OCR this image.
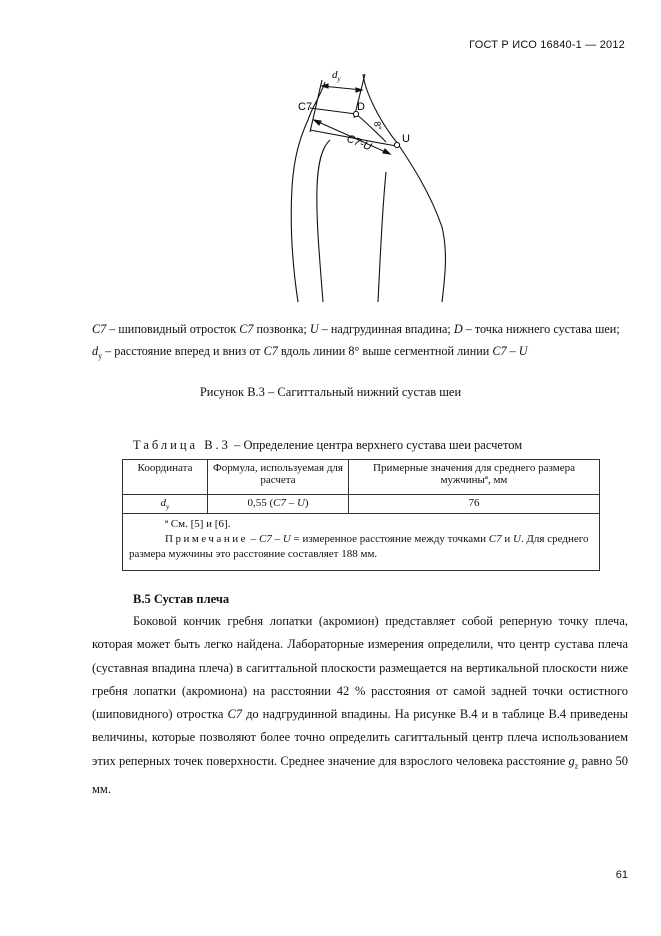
ГОСТ Р ИСО 16840-1 — 2012
$d_y$
C7	D
8°
C7-U	U
C7 – шиповидный отросток C7 позвонка; U – надгрудинная впадина; D – точка нижнего сустава шеи;
$d_y$ – расстояние вперед и вниз от C7 вдоль линии 8° выше сегментной линии C7 – U
Рисунок В.3 – Сагиттальный нижний сустав шеи
Таблица В.3 – Определение центра верхнего сустава шеи расчетом
Координата	Формула, используемая для расчета	Примерные значения для среднего размера мужчиныª, мм
$d_y$	0,55 (C7 – U)	76

ª См. [5] и [6].
Примечание – C7 – U = измеренное расстояние между точками C7 и U. Для среднего размера мужчины это расстояние составляет 188 мм.		
В.5 Сустав плеча
Боковой кончик гребня лопатки (акромион) представляет собой реперную точку плеча, которая может быть легко найдена. Лабораторные измерения определили, что центр сустава плеча (суставная впадина плеча) в сагиттальной плоскости размещается на вертикальной плоскости ниже гребня лопатки (акромиона) на расстоянии 42 % расстояния от самой задней точки остистного (шиповидного) отростка C7 до надгрудинной впадины. На рисунке В.4 и в таблице В.4 приведены величины, которые позволяют более точно определить сагиттальный центр плеча использованием этих реперных точек поверхности. Среднее значение для взрослого человека расстояние $g_z$ равно 50 мм.
61
